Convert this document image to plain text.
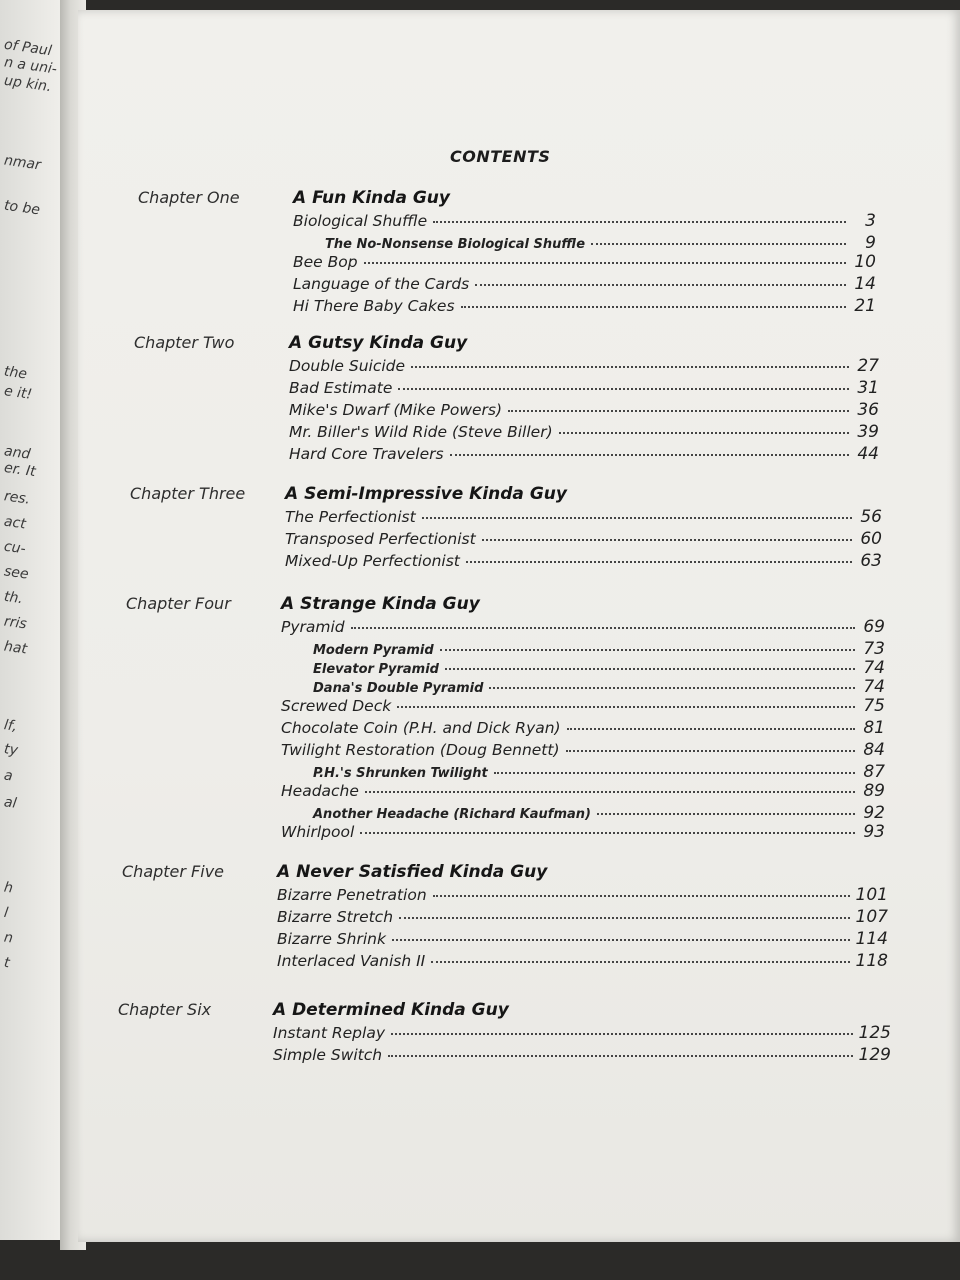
of Paul
n a uni-
up kin.
nmar
to be
the
e it!
and
er. It
res.
act
cu-
see
th.
rris
hat
lf,
ty
a
al
h
l
n
t
CONTENTS
Chapter One	A Fun Kinda Guy
Biological Shuffle	3
The No-Nonsense Biological Shuffle	9
Bee Bop	10
Language of the Cards	14
Hi There Baby Cakes	21
Chapter Two	A Gutsy Kinda Guy
Double Suicide	27
Bad Estimate	31
Mike's Dwarf (Mike Powers)	36
Mr. Biller's Wild Ride (Steve Biller)	39
Hard Core Travelers	44
Chapter Three A Semi-Impressive Kinda Guy
The Perfectionist	56
Transposed Perfectionist	60
Mixed-Up Perfectionist	63
Chapter Four	A Strange Kinda Guy
Pyramid	69
Modern Pyramid	73
Elevator Pyramid	74
Dana's Double Pyramid	74
Screwed Deck	75
Chocolate Coin (P.H. and Dick Ryan)	81
Twilight Restoration (Doug Bennett)	84
P.H.'s Shrunken Twilight	87
Headache	89
Another Headache (Richard Kaufman)	92
Whirlpool	93
Chapter Five	A Never Satisfied Kinda Guy
Bizarre Penetration	101
Bizarre Stretch	107
Bizarre Shrink	114
Interlaced Vanish II	118
Chapter Six	A Determined Kinda Guy
Instant Replay	125
Simple Switch	129
